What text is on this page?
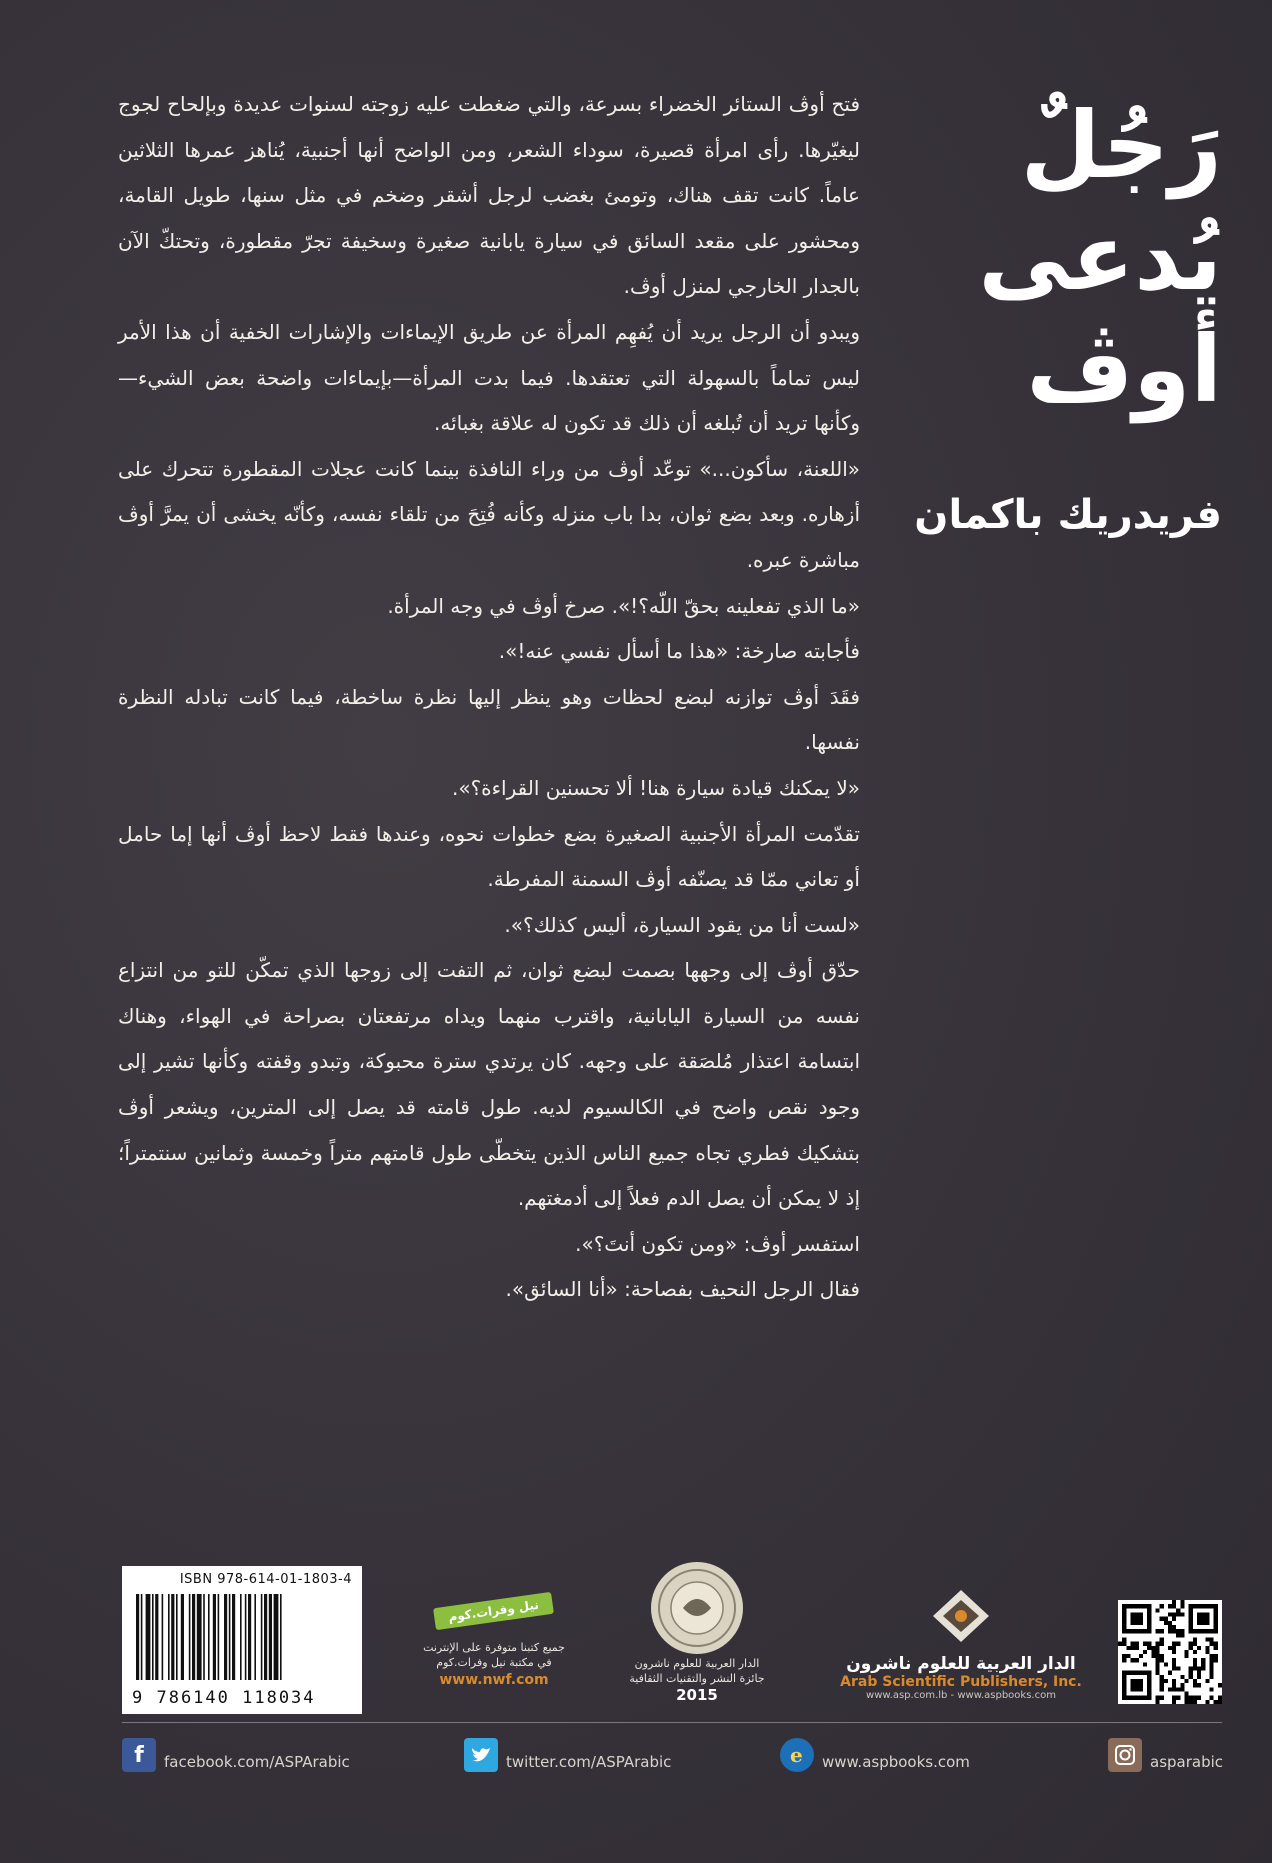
رَجُلٌ
يُدعى
أوڤ
فريدريك باكمان

فتح أوڤ الستائر الخضراء بسرعة، والتي ضغطت عليه زوجته لسنوات عديدة وبإلحاح لجوج ليغيّرها. رأى امرأة قصيرة، سوداء الشعر، ومن الواضح أنها أجنبية، يُناهز عمرها الثلاثين عاماً. كانت تقف هناك، وتومئ بغضب لرجل أشقر وضخم في مثل سنها، طويل القامة، ومحشور على مقعد السائق في سيارة يابانية صغيرة وسخيفة تجرّ مقطورة، وتحتكّ الآن بالجدار الخارجي لمنزل أوڤ.

ويبدو أن الرجل يريد أن يُفهِم المرأة عن طريق الإيماءات والإشارات الخفية أن هذا الأمر ليس تماماً بالسهولة التي تعتقدها. فيما بدت المرأة—بإيماءات واضحة بعض الشيء— وكأنها تريد أن تُبلغه أن ذلك قد تكون له علاقة بغبائه.

«اللعنة، سأكون...» توعّد أوڤ من وراء النافذة بينما كانت عجلات المقطورة تتحرك على أزهاره. وبعد بضع ثوان، بدا باب منزله وكأنه فُتِحَ من تلقاء نفسه، وكأنّه يخشى أن يمرَّ أوڤ مباشرة عبره.

«ما الذي تفعلينه بحقّ اللّه؟!». صرخ أوڤ في وجه المرأة.

فأجابته صارخة: «هذا ما أسأل نفسي عنه!».

فقَدَ أوڤ توازنه لبضع لحظات وهو ينظر إليها نظرة ساخطة، فيما كانت تبادله النظرة نفسها.

«لا يمكنك قيادة سيارة هنا! ألا تحسنين القراءة؟».

تقدّمت المرأة الأجنبية الصغيرة بضع خطوات نحوه، وعندها فقط لاحظ أوڤ أنها إما حامل أو تعاني ممّا قد يصنّفه أوڤ السمنة المفرطة.

«لست أنا من يقود السيارة، أليس كذلك؟».

حدّق أوڤ إلى وجهها بصمت لبضع ثوان، ثم التفت إلى زوجها الذي تمكّن للتو من انتزاع نفسه من السيارة اليابانية، واقترب منهما ويداه مرتفعتان بصراحة في الهواء، وهناك ابتسامة اعتذار مُلصَقة على وجهه. كان يرتدي سترة محبوكة، وتبدو وقفته وكأنها تشير إلى وجود نقص واضح في الكالسيوم لديه. طول قامته قد يصل إلى المترين، ويشعر أوڤ بتشكيك فطري تجاه جميع الناس الذين يتخطّى طول قامتهم متراً وخمسة وثمانين سنتمتراً؛ إذ لا يمكن أن يصل الدم فعلاً إلى أدمغتهم.

استفسر أوڤ: «ومن تكون أنتَ؟».

فقال الرجل النحيف بفصاحة: «أنا السائق».

ISBN 978-614-01-1803-4
9 786140 118034
نيل وفرات.كوم
جميع كتبنا متوفرة على الإنترنت
في مكتبة نيل وفرات.كوم
www.nwf.com
الدار العربية للعلوم ناشرون
جائزة النشر والتقنيات الثقافية
2015
الدار العربية للعلوم ناشرون
Arab Scientific Publishers, Inc.
www.asp.com.lb - www.aspbooks.com
f	facebook.com/ASPArabic	twitter.com/ASPArabic	e www.aspbooks.com	asparabic
